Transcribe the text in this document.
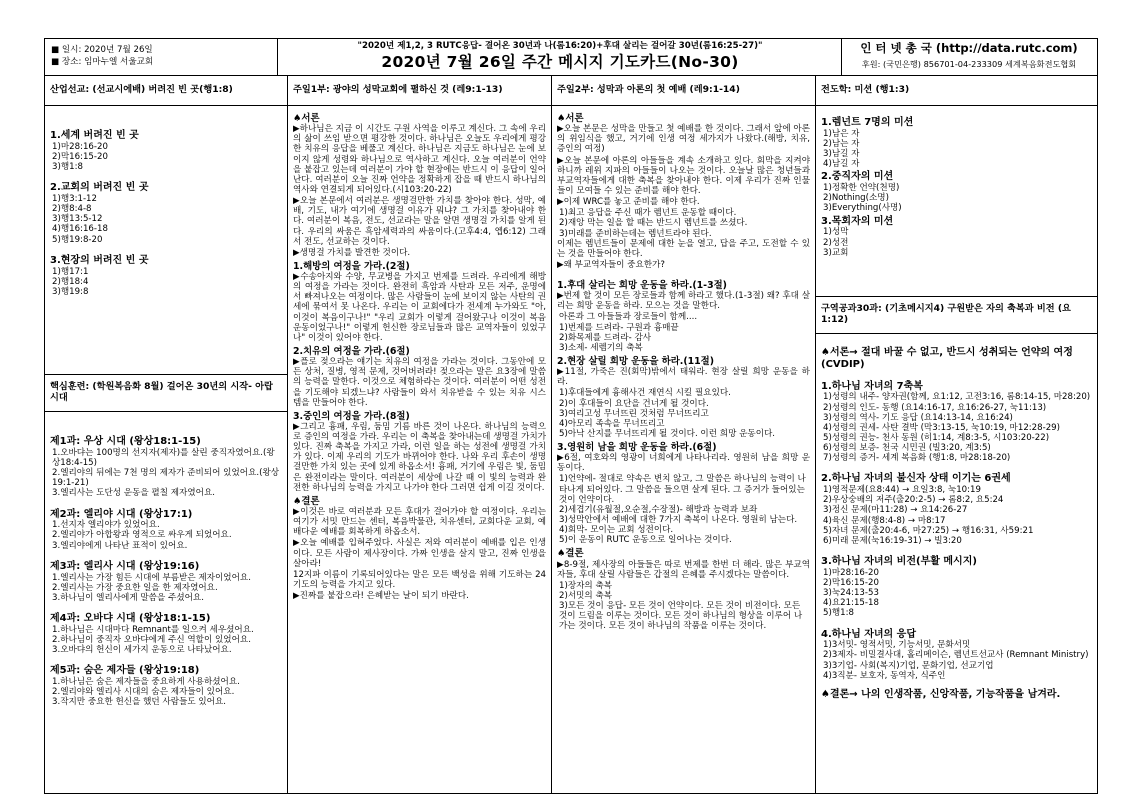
■ 일시: 2020년 7월 26일
■ 장소: 임마누엘 서울교회
"2020년 제1,2, 3 RUTC응답- 결어온 30년과 나(롬16:20)+후대 살리는 걸어갈 30년(롬16:25-27)"
2020년 7월 26일 주간 메시지 기도카드(No-30)
인 터 넷 총 국 (http://data.rutc.com)
후원: (국민은행) 856701-04-233309 세계복음화전도협회
산업선교: (선교시에배) 버려진 빈 곳(행1:8)
1.세계 버려진 빈 곳
1)마28:16-20
2)막16:15-20
3)행1:8
2.교회의 버려진 빈 곳
1)행3:1-12
2)행8:4-8
3)행13:5-12
4)행16:16-18
5)행19:8-20
3.현장의 버려진 빈 곳
1)행17:1
2)행18:4
3)행19:8
핵심훈련: (학원복음화 8월) 걸어온 30년의 시작- 아랍 시대
제1과: 우상 시대 (왕상18:1-15)
1.오바댜는 100명의 선지자(제자)를 살린 중직자였어요.(왕상18:4-15)
2.엘리야의 뒤에는 7천 명의 제자가 준비되어 있었어요.(왕상19:1-21)
3.엘리사는 도단성 운동을 펼칠 제자였어요.
제2과: 엘리야 시대 (왕상17:1)
1.선지자 엘리야가 있었어요.
2.엘리야가 아합왕과 영적으로 싸우게 되었어요.
3.엘리야에게 나타난 표적이 있어요.
제3과: 엘리사 시대 (왕상19:16)
1.엘리사는 가장 힘든 시대에 부름받은 제자이었어요.
2.엘리사는 가장 중요한 일을 한 제자였어요.
3.하나님이 엘리사에게 말씀을 주셨어요.
제4과: 오바댜 시대 (왕상18:1-15)
1.하나님은 시대마다 Remnant를 일으켜 세우셨어요.
2.하나님이 중직자 오바댜에게 주신 역할이 있었어요.
3.오바댜의 헌신이 세가지 운동으로 나타났어요.
제5과: 숨은 제자들 (왕상19:18)
1.하나님은 숨은 제자들을 중요하게 사용하셨어요.
2.엘리야와 엘리사 시대의 숨은 제자들이 있어요.
3.작지만 중요한 헌신을 했던 사람들도 있어요.
주일1부: 광야의 성막교회에 펼하신 것 (레9:1-13)
♠서론
▶하나님은 지금 이 시간도 구원 사역을 이루고 계신다. 그 속에 우리의 삶이 쓰임 받으면 평강한 것이다. 하나님은 오늘도 우리에게 평강한 치유의 응답을 베풀고 계신다. 하나님은 지금도 하나님은 눈에 보이지 않게 성령와 하나님으로 역사하고 계신다. 오늘 여러분이 언약을 붙잡고 있는데 여러분이 가야 할 현장에는 반드시 이 응답이 일어난다. 여러분이 오늘 진짜 언약을 정확하게 잡을 때 반드시 하나님의 역사와 연결되게 되어있다.(시103:20-22)
▶오늘 본문에서 여러분은 생명걸만한 가치를 찾아야 한다. 성막, 예배, 기도, 내가 여기에 생명걸 이유가 뭐냐? 그 가치를 찾아내야 한다. 여러분이 복음, 전도, 선교라는 말을 알면 생명걸 가치를 알게 된다. 우리의 싸움은 흑암세력과의 싸움이다.(고후4:4, 엡6:12) 그래서 전도, 선교하는 것이다.
▶생명걸 가치를 발견한 것이다.
1.해방의 여정을 가라.(2절)
▶수송아지와 수양, 무교병을 가지고 번제를 드려라. 우리에게 해방의 여정을 가라는 것이다. 완전히 흑암과 사탄과 모든 저주, 운명에서 빠져나오는 여정이다. 많은 사람들이 눈에 보이지 않는 사탄의 권세에 묶여서 못 나온다. 우리는 이 교회에다가 전세계 누가와도 "아, 이것이 복음이구나!" "우리 교회가 이렇게 걸어왔구나 이것이 복음 운동이었구나!" 이렇게 헌신한 장로님들과 많은 교역자들이 있었구나" 이것이 있어야 한다.
2.치유의 여정을 가라.(6절)
▶플로 젖으라는 얘기는 치유의 여정을 가라는 것이다. 그동안에 모든 상처, 질병, 영적 문제, 것어버려라! 젖으라는 말은 요3장에 말씀의 능력을 말한다. 이것으로 체험하라는 것이다. 여러분이 어떤 성전을 기도해야 되겠느냐? 사람들이 와서 치유받을 수 있는 치유 시스템을 만들어야 한다.
3.중인의 여정을 가라.(8절)
▶그리고 흉패, 우림, 둠밈 기름 바른 것이 나온다. 하나님의 능력으로 증인의 여정을 가라. 우리는 이 축복을 찾아내는데 생명걸 가치가 있다. 진짜 축복을 가지고 가라, 이런 일을 하는 성전에 생명걸 가치가 있다. 이제 우리의 기도가 바뀌어야 한다. 나와 우리 후손이 생명걸만한 가치 있는 곳에 있게 하옵소서! 흉패, 거기에 우림은 빛, 둠밈은 완전이라는 말이다. 여러분이 세상에 나갈 때 이 빛의 능력과 완전한 하나님의 능력을 가지고 나가야 한다 그러면 쉽게 이길 것이다.
♠결론
▶이것은 바로 여러분과 모든 후대가 걸어가야 할 여정이다. 우리는 여기가 서밋 만드는 센터, 복음박물관, 치유센터, 교회다운 교회, 예배다운 예배를 회복하게 하옵소서.
▶오늘 예배를 입혀주었다. 사실은 저와 여러분이 예배를 입은 인생이다. 모든 사람이 제사장이다. 가짜 인생을 살지 말고, 진짜 인생을 살아라!
12지파 이름이 기록되어있다는 말은 모든 백성을 위해 기도하는 24 기도의 능력을 가지고 있다.
▶진짜를 붙잡으라! 은혜받는 날이 되기 바란다.
주일2부: 성막과 아론의 첫 예배 (레9:1-14)
♠서론
▶오늘 본문은 성막을 만들고 첫 예배를 한 것이다. 그래서 앞에 아론의 위임식을 했고, 거기에 인생 여정 세가지가 나왔다.(해방, 치유, 증인의 여정)
▶오늘 본문에 아론의 아들들을 계속 소개하고 있다. 회막을 지켜야 하니까 레위 지파의 아들들이 나오는 것이다. 오늘날 많은 청년들과 부교역자들에게 대한 축복을 찾아내야 한다. 이제 우리가 진짜 인물들이 모여들 수 있는 준비를 해야 한다.
▶이제 WRC를 놓고 준비를 해야 한다.
1)최고 응답을 주신 때가 렘넌트 운동할 때이다.
2)재앙 막는 일을 할 때는 반드시 렘넌트를 쓰셨다.
3)미래를 준비하는데는 렘넌트라야 된다.
이제는 렘넌트들이 문제에 대한 눈을 열고, 답을 주고, 도전할 수 있는 것을 만들어야 한다.
▶왜 부교역자들이 중요한가?
1.후대 살리는 희망 운동을 하라.(1-3절)
▶번제 할 것이 모든 장로들과 함께 하라고 했다.(1-3절) 왜? 후대 살리는 희망 운동을 하라. 모으는 것을 말한다.
아론과 그 아들들과 장로들이 함께....
1)번제를 드려라- 구원과 흉매끝
2)화목제를 드려라- 감사
3)소제- 세렘기의 축복
2.현장 살릴 희망 운동을 하라.(11절)
▶11절, 가죽은 진(회막)밖에서 태워라. 현장 살릴 희망 운동을 하라.
1)후대들에게 흉해사건 재연식 시킬 필요있다.
2)이 후대들이 요단을 건너게 될 것이다.
3)여리고성 무너뜨린 것처럼 무너뜨리고
4)아모리 족속을 무너뜨리고
5)아낙 산지를 무너뜨리게 될 것이다. 이런 희망 운동이다.
3.영원히 남을 희망 운동을 하라.(6절)
▶6절, 여호와의 영광이 너희에게 나타나리라. 영원히 남을 희망 운동이다.
1)언약에- 절대로 약속은 변치 않고, 그 말씀은 하나님의 능력이 나타나게 되어있다. 그 말씀을 들으면 살게 된다. 그 증거가 들어있는 것이 언약이다.
2)세겹기(유월절,오순절,수장절)- 해방과 능력과 보좌
3)성막안에서 예배에 대한 7가지 축복이 나온다. 영원히 남는다.
4)회막- 모이는 교회 성전이다.
5)이 운동이 RUTC 운동으로 일어나는 것이다.
♠결론
▶8-9절, 제사장의 아들들은 따로 번제를 한번 더 해라. 많은 부교역자들, 후대 살릴 사람들은 갑절의 은혜를 주시겠다는 말씀이다.
1)장자의 축복
2)서밋의 축복
3)모든 것이 응답- 모든 것이 언약이다. 모든 것이 비전이다. 모든 것이 드림을 이루는 것이다. 모든 것이 하나님의 형상을 이루어 나가는 것이다. 모든 것이 하나님의 작품을 이루는 것이다.
전도학: 미션 (행1:3)
1.렘넌트 7명의 미션
1)남은 자
2)남는 자
3)남길 자
4)남길 자
2.중직자의 미션
1)정확한 언약(천명)
2)Nothing(소명)
3)Everything(사명)
3.목회자의 미션
1)성막
2)성전
3)교회
구역공과30과: (기초메시지4) 구원받은 자의 축복과 비전 (요1:12)
♠서론→ 절대 바꿀 수 없고, 반드시 성취되는 언약의 여정(CVDIP)
1.하나님 자녀의 7축복
1)성령의 내주- 양자권(함께, 요1:12, 고전3:16, 롬8:14-15, 마28:20)
2)성령의 인도- 동행 (요14:16-17, 요16:26-27, 눅11:13)
3)성령의 역사- 기도 응답 (요14:13-14, 요16:24)
4)성령의 권세- 사탄 결박 (막3:13-15, 눅10:19, 마12:28-29)
5)성령의 권능- 천사 동원 (히1:14, 계8:3-5, 시103:20-22)
6)성령의 보증- 천국 시민권 (빌3:20, 계3:5)
7)성령의 증거- 세계 복음화 (행1:8, 마28:18-20)
2.하나님 자녀의 불신자 상태 이기는 6권세
1)영적문제(요8:44) → 요일3:8, 눅10:19
2)우상숭배의 저주(출20:2-5) → 롬8:2, 요5:24
3)정신 문제(마11:28) → 요14:26-27
4)육신 문제(행8:4-8) → 마8:17
5)자녀 문제(출20:4-6, 마27:25) → 행16:31, 사59:21
6)미래 문제(눅16:19-31) → 빌3:20
3.하나님 자녀의 비전(부활 메시지)
1)마28:16-20
2)막16:15-20
3)눅24:13-53
4)요21:15-18
5)행1:8
4.하나님 자녀의 응답
1)3서밋- 영적서밋, 기능서밋, 문화서밋
2)3제자- 비밀결사대, 홀리메이슨, 렘넌트선교사 (Remnant Ministry)
3)3기업- 사회(복지)기업, 문화기업, 선교기업
4)3직분- 보호자, 동역자, 식주인
♠결론→ 나의 인생작품, 신앙작품, 기능작품을 남겨라.
